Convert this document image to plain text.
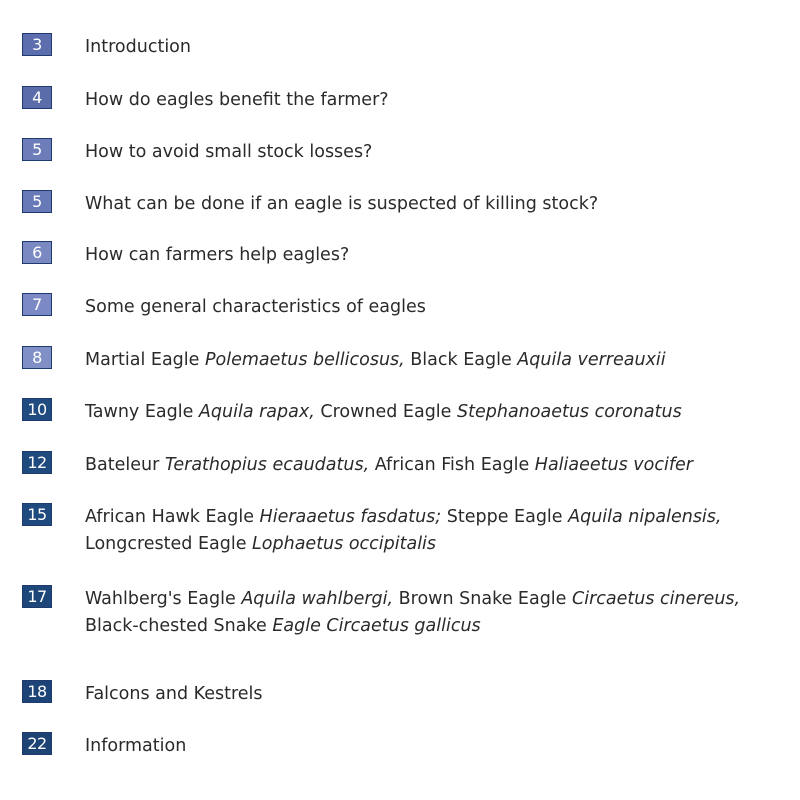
3	Introduction
4	How do eagles benefit the farmer?
5	How to avoid small stock losses?
5	What can be done if an eagle is suspected of killing stock?
6	How can farmers help eagles?
7	Some general characteristics of eagles
8	Martial Eagle Polemaetus bellicosus, Black Eagle Aquila verreauxii
10	Tawny Eagle Aquila rapax, Crowned Eagle Stephanoaetus coronatus
12	Bateleur Terathopius ecaudatus, African Fish Eagle Haliaeetus vocifer
15	African Hawk Eagle Hieraaetus fasdatus; Steppe Eagle Aquila nipalensis,
Longcrested Eagle Lophaetus occipitalis
17	Wahlberg's Eagle Aquila wahlbergi, Brown Snake Eagle Circaetus cinereus,
Black-chested Snake Eagle Circaetus gallicus
18	Falcons and Kestrels
22	Information
